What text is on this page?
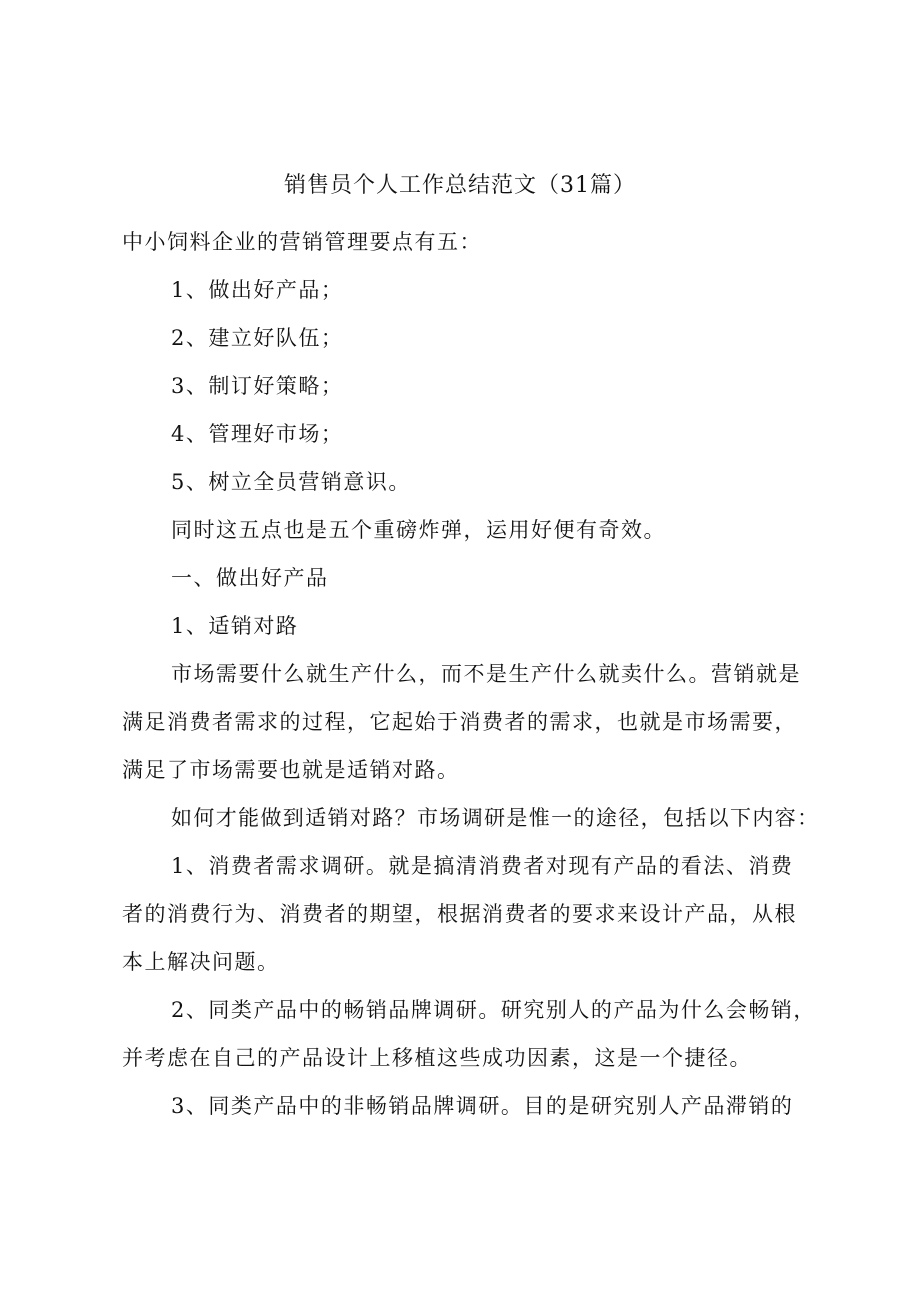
销售员个人工作总结范文（31篇）
中小饲料企业的营销管理要点有五：
1、做出好产品；
2、建立好队伍；
3、制订好策略；
4、管理好市场；
5、树立全员营销意识。
同时这五点也是五个重磅炸弹，运用好便有奇效。
一、做出好产品
1、适销对路
市场需要什么就生产什么，而不是生产什么就卖什么。营销就是
满足消费者需求的过程，它起始于消费者的需求，也就是市场需要，
满足了市场需要也就是适销对路。
如何才能做到适销对路？市场调研是惟一的途径，包括以下内容：
1、消费者需求调研。就是搞清消费者对现有产品的看法、消费
者的消费行为、消费者的期望，根据消费者的要求来设计产品，从根
本上解决问题。
2、同类产品中的畅销品牌调研。研究别人的产品为什么会畅销，
并考虑在自己的产品设计上移植这些成功因素，这是一个捷径。
3、同类产品中的非畅销品牌调研。目的是研究别人产品滞销的
